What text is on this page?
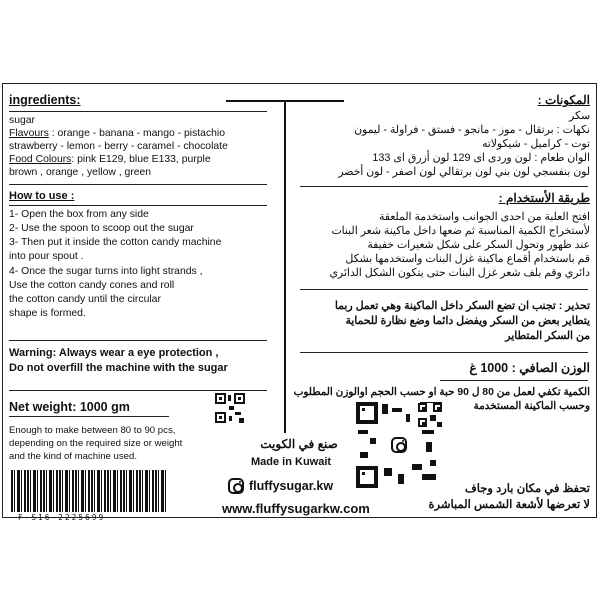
ingredients:
sugar
Flavours : orange - banana - mango - pistachio
strawberry - lemon - berry - caramel - chocolate
Food Colours: pink E129, blue E133, purple
brown , orange , yellow , green
How to use :
1- Open the box from any side
2- Use the spoon to scoop out the sugar
3- Then put it inside the cotton candy machine
into pour spout .
4- Once the sugar turns into light strands ,
Use the cotton candy cones and roll
the cotton candy until the circular
shape is formed.
Warning: Always wear a eye protection ,
Do not overfill the machine with the sugar
Net weight: 1000 gm
Enough to make between 80 to 90 pcs,
depending on the required size or weight
and the kind of machine used.
F-S16-2225699
صنع في الكويت
Made in Kuwait
fluffysugar.kw
www.fluffysugarkw.com
المكونات :
سكر
نكهات : برتقال - موز - مانجو - فستق - فراولة - ليمون
توت - كراميل - شيكولاته
الوان طعام : لون وردى اى 129 لون أزرق اى 133
لون بنفسجي لون بني لون برتقالي لون اصفر - لون أخضر
طريقة الأستخدام :
افتح العلبة من احدى الجوانب واستخدمة الملعقة
لأستخراج الكمية المناسبة ثم ضعها داخل ماكينة شعر البنات
عند ظهور وتحول السكر على شكل شعيرات خفيفة
قم باستخدام أقماع ماكينة غزل البنات واستخدمها بشكل
دائري وقم بلف شعر غزل البنات حتى يتكون الشكل الدائري
تحذير : تجنب ان تضع السكر داخل الماكينة وهي تعمل ربما
يتطاير بعض من السكر ويفضل دائما وضع نظارة للحماية
من السكر المتطاير
الوزن الصافي : 1000 غ
الكمية تكفي لعمل من 80 ل 90 حبة او حسب الحجم اوالوزن المطلوب
وحسب الماكينة المستخدمة
تحفظ في مكان بارد وجاف
لا تعرضها لأشعة الشمس المباشرة
